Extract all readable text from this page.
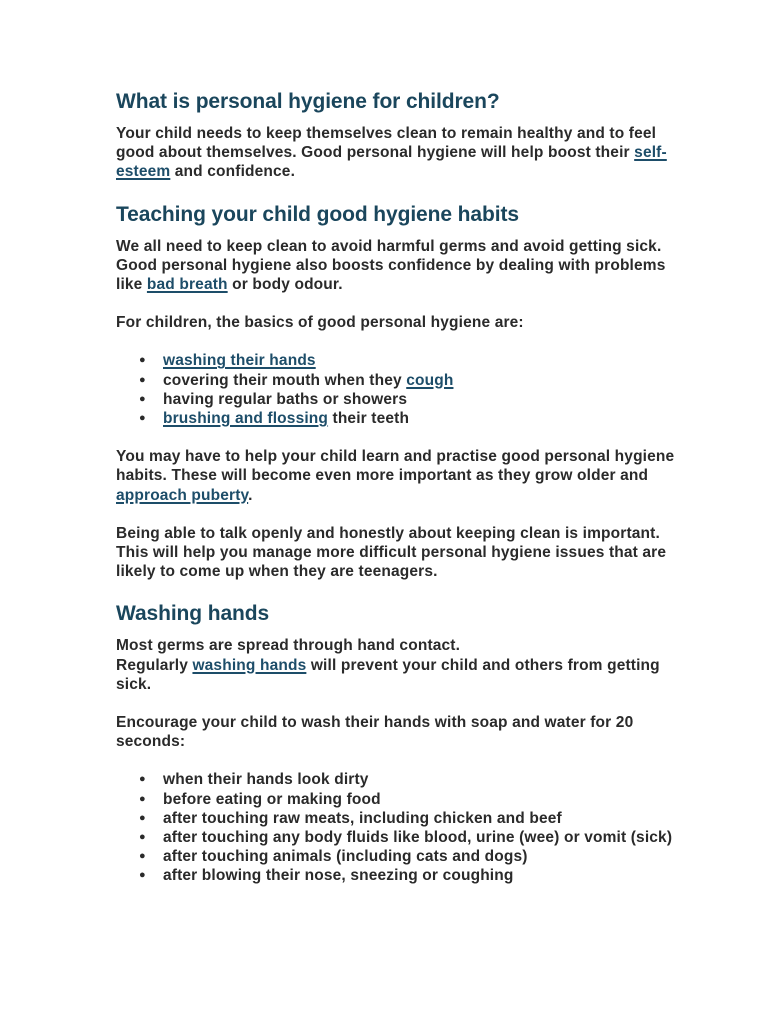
What is personal hygiene for children?

Your child needs to keep themselves clean to remain healthy and to feel good about themselves. Good personal hygiene will help boost their self-esteem and confidence.

Teaching your child good hygiene habits

We all need to keep clean to avoid harmful germs and avoid getting sick. Good personal hygiene also boosts confidence by dealing with problems like bad breath or body odour.

For children, the basics of good personal hygiene are:

● washing their hands
● covering their mouth when they cough
● having regular baths or showers
● brushing and flossing their teeth

You may have to help your child learn and practise good personal hygiene habits. These will become even more important as they grow older and approach puberty.

Being able to talk openly and honestly about keeping clean is important. This will help you manage more difficult personal hygiene issues that are likely to come up when they are teenagers.

Washing hands

Most germs are spread through hand contact.
Regularly washing hands will prevent your child and others from getting sick.

Encourage your child to wash their hands with soap and water for 20 seconds:

● when their hands look dirty
● before eating or making food
● after touching raw meats, including chicken and beef
● after touching any body fluids like blood, urine (wee) or vomit (sick)
● after touching animals (including cats and dogs)
● after blowing their nose, sneezing or coughing
